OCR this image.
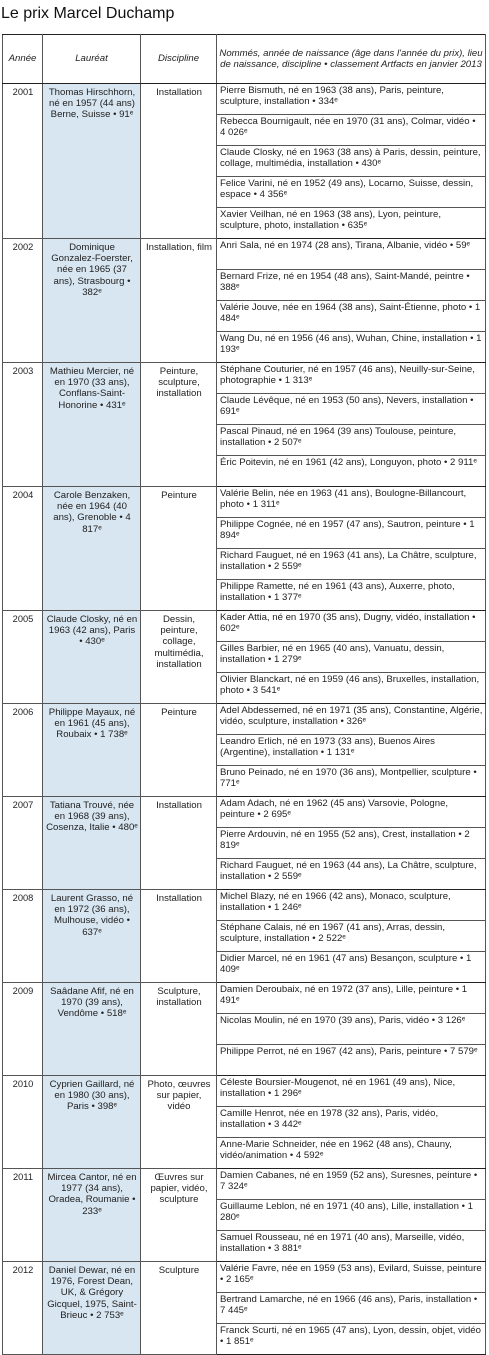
Le prix Marcel Duchamp
Année	Lauréat	Discipline	Nommés, année de naissance (âge dans l'année du prix), lieu de naissance, discipline • classement Artfacts en janvier 2013
2001	Thomas Hirschhorn, né en 1957 (44 ans) Berne, Suisse • 91ᵉ	Installation	Pierre Bismuth, né en 1963 (38 ans), Paris, peinture, sculpture, installation • 334ᵉ
			Rebecca Bournigault, née en 1970 (31 ans), Colmar, vidéo • 4 026ᵉ
			Claude Closky, né en 1963 (38 ans) à Paris, dessin, peinture, collage, multimédia, installation • 430ᵉ
			Felice Varini, né en 1952 (49 ans), Locarno, Suisse, dessin, espace • 4 356ᵉ
			Xavier Veilhan, né en 1963 (38 ans), Lyon, peinture, sculpture, photo, installation • 635ᵉ
2002	Dominique Gonzalez-Foerster, née en 1965 (37 ans), Strasbourg • 382ᵉ	Installation, film	Anri Sala, né en 1974 (28 ans), Tirana, Albanie, vidéo • 59ᵉ
			Bernard Frize, né en 1954 (48 ans), Saint-Mandé, peintre • 388ᵉ
			Valérie Jouve, née en 1964 (38 ans), Saint-Étienne, photo • 1 484ᵉ
			Wang Du, né en 1956 (46 ans), Wuhan, Chine, installation • 1 193ᵉ
2003	Mathieu Mercier, né en 1970 (33 ans), Conflans-Saint-Honorine • 431ᵉ	Peinture, sculpture, installation	Stéphane Couturier, né en 1957 (46 ans), Neuilly-sur-Seine, photographie • 1 313ᵉ
			Claude Lévêque, né en 1953 (50 ans), Nevers, installation • 691ᵉ
			Pascal Pinaud, né en 1964 (39 ans) Toulouse, peinture, installation • 2 507ᵉ
			Éric Poitevin, né en 1961 (42 ans), Longuyon, photo • 2 911ᵉ
2004	Carole Benzaken, née en 1964 (40 ans), Grenoble • 4 817ᵉ	Peinture	Valérie Belin, née en 1963 (41 ans), Boulogne-Billancourt, photo • 1 311ᵉ
			Philippe Cognée, né en 1957 (47 ans), Sautron, peinture • 1 894ᵉ
			Richard Fauguet, né en 1963 (41 ans), La Châtre, sculpture, installation • 2 559ᵉ
			Philippe Ramette, né en 1961 (43 ans), Auxerre, photo, installation • 1 377ᵉ
2005	Claude Closky, né en 1963 (42 ans), Paris • 430ᵉ	Dessin, peinture, collage, multimédia, installation	Kader Attia, né en 1970 (35 ans), Dugny, vidéo, installation • 602ᵉ
			Gilles Barbier, né en 1965 (40 ans), Vanuatu, dessin, installation • 1 279ᵉ
			Olivier Blanckart, né en 1959 (46 ans), Bruxelles, installation, photo • 3 541ᵉ
2006	Philippe Mayaux, né en 1961 (45 ans), Roubaix • 1 738ᵉ	Peinture	Adel Abdessemed, né en 1971 (35 ans), Constantine, Algérie, vidéo, sculpture, installation • 326ᵉ
			Leandro Erlich, né en 1973 (33 ans), Buenos Aires (Argentine), installation • 1 131ᵉ
			Bruno Peinado, né en 1970 (36 ans), Montpellier, sculpture • 771ᵉ
2007	Tatiana Trouvé, née en 1968 (39 ans), Cosenza, Italie • 480ᵉ	Installation	Adam Adach, né en 1962 (45 ans) Varsovie, Pologne, peinture • 2 695ᵉ
			Pierre Ardouvin, né en 1955 (52 ans), Crest, installation • 2 819ᵉ
			Richard Fauguet, né en 1963 (44 ans), La Châtre, sculpture, installation • 2 559ᵉ
2008	Laurent Grasso, né en 1972 (36 ans), Mulhouse, vidéo • 637ᵉ	Installation	Michel Blazy, né en 1966 (42 ans), Monaco, sculpture, installation • 1 246ᵉ
			Stéphane Calais, né en 1967 (41 ans), Arras, dessin, sculpture, installation • 2 522ᵉ
			Didier Marcel, né en 1961 (47 ans) Besançon, sculpture • 1 409ᵉ
2009	Saâdane Afif, né en 1970 (39 ans), Vendôme • 518ᵉ	Sculpture, installation	Damien Deroubaix, né en 1972 (37 ans), Lille, peinture • 1 491ᵉ
			Nicolas Moulin, né en 1970 (39 ans), Paris, vidéo • 3 126ᵉ
			Philippe Perrot, né en 1967 (42 ans), Paris, peinture • 7 579ᵉ
2010	Cyprien Gaillard, né en 1980 (30 ans), Paris • 398ᵉ	Photo, œuvres sur papier, vidéo	Céleste Boursier-Mougenot, né en 1961 (49 ans), Nice, installation • 1 296ᵉ
			Camille Henrot, née en 1978 (32 ans), Paris, vidéo, installation • 3 442ᵉ
			Anne-Marie Schneider, née en 1962 (48 ans), Chauny, vidéo/animation • 4 592ᵉ
2011	Mircea Cantor, né en 1977 (34 ans), Oradea, Roumanie • 233ᵉ	Œuvres sur papier, vidéo, sculpture	Damien Cabanes, né en 1959 (52 ans), Suresnes, peinture • 7 324ᵉ
			Guillaume Leblon, né en 1971 (40 ans), Lille, installation • 1 280ᵉ
			Samuel Rousseau, né en 1971 (40 ans), Marseille, vidéo, installation • 3 881ᵉ
2012	Daniel Dewar, né en 1976, Forest Dean, UK, & Grégory Gicquel, 1975, Saint-Brieuc • 2 753ᵉ	Sculpture	Valérie Favre, née en 1959 (53 ans), Evilard, Suisse, peinture • 2 165ᵉ
			Bertrand Lamarche, né en 1966 (46 ans), Paris, installation • 7 445ᵉ
			Franck Scurti, né en 1965 (47 ans), Lyon, dessin, objet, vidéo • 1 851ᵉ
